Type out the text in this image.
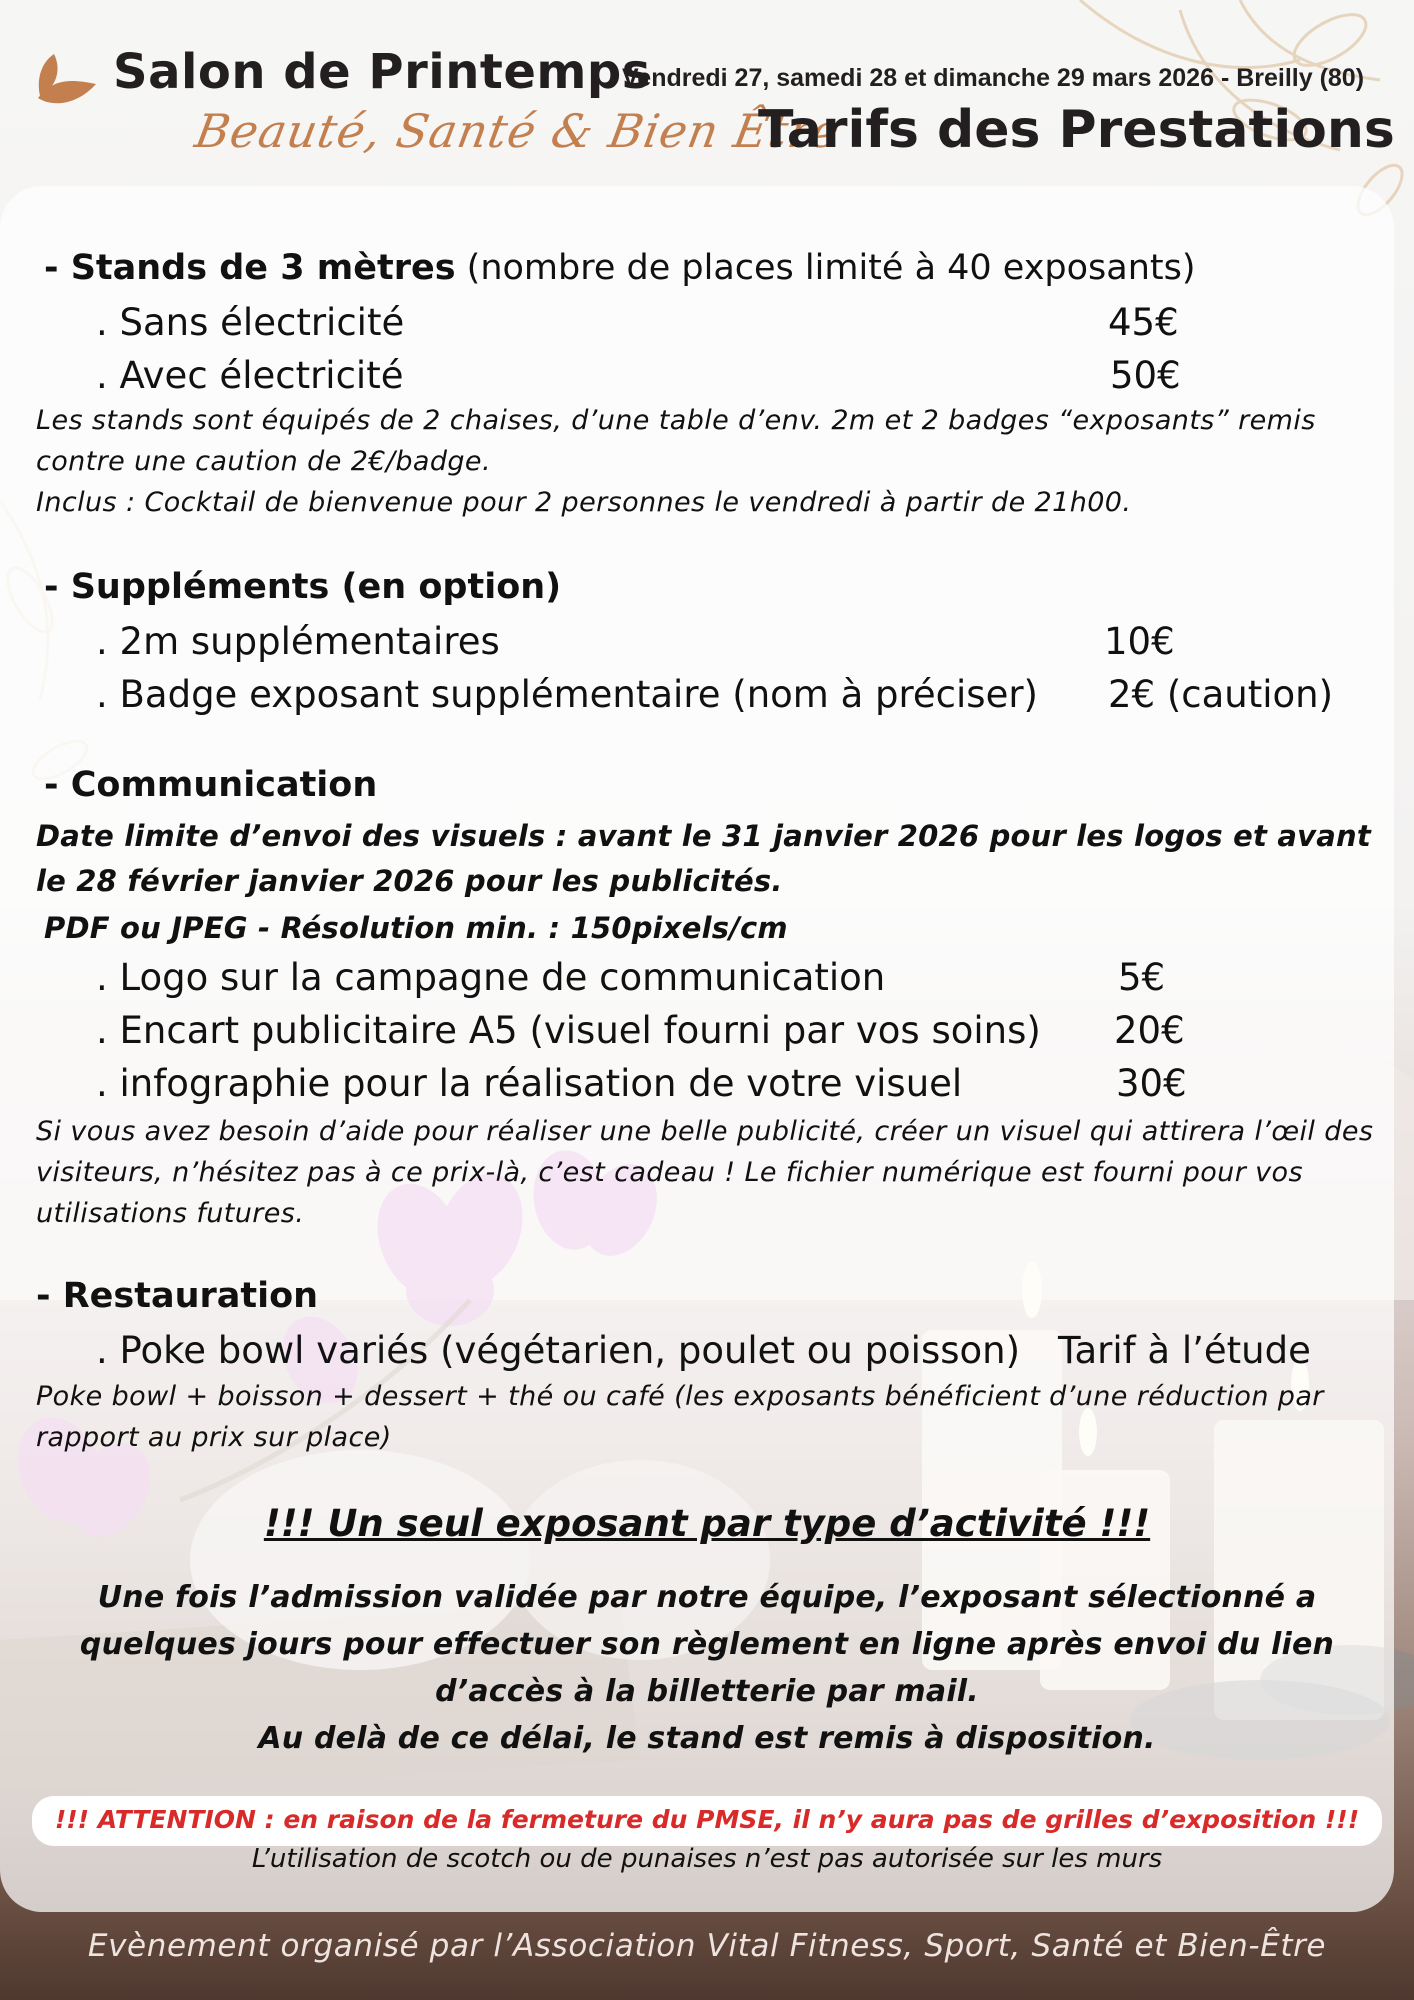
Salon de Printemps
Beauté, Santé & Bien Être
Vendredi 27, samedi 28 et dimanche 29 mars 2026 - Breilly (80)
Tarifs des Prestations
- Stands de 3 mètres (nombre de places limité à 40 exposants)
. Sans électricité	45€
. Avec électricité	50€
Les stands sont équipés de 2 chaises, d’une table d’env. 2m et 2 badges “exposants” remis contre une caution de 2€/badge.
Inclus : Cocktail de bienvenue pour 2 personnes le vendredi à partir de 21h00.
- Suppléments (en option)
. 2m supplémentaires	10€
. Badge exposant supplémentaire (nom à préciser) 2€ (caution)
- Communication
Date limite d’envoi des visuels : avant le 31 janvier 2026 pour les logos et avant le 28 février janvier 2026 pour les publicités.
PDF ou JPEG - Résolution min. : 150pixels/cm
. Logo sur la campagne de communication	5€
. Encart publicitaire A5 (visuel fourni par vos soins) 20€
. infographie pour la réalisation de votre visuel	30€
Si vous avez besoin d’aide pour réaliser une belle publicité, créer un visuel qui attirera l’œil des visiteurs, n’hésitez pas à ce prix-là, c’est cadeau ! Le fichier numérique est fourni pour vos utilisations futures.
- Restauration
. Poke bowl variés (végétarien, poulet ou poisson) Tarif à l’étude
Poke bowl + boisson + dessert + thé ou café (les exposants bénéficient d’une réduction par rapport au prix sur place)
!!! Un seul exposant par type d’activité !!!
Une fois l’admission validée par notre équipe, l’exposant sélectionné a
quelques jours pour effectuer son règlement en ligne après envoi du lien
d’accès à la billetterie par mail.
Au delà de ce délai, le stand est remis à disposition.
!!! ATTENTION : en raison de la fermeture du PMSE, il n’y aura pas de grilles d’exposition !!!
L’utilisation de scotch ou de punaises n’est pas autorisée sur les murs
Evènement organisé par l’Association Vital Fitness, Sport, Santé et Bien-Être
